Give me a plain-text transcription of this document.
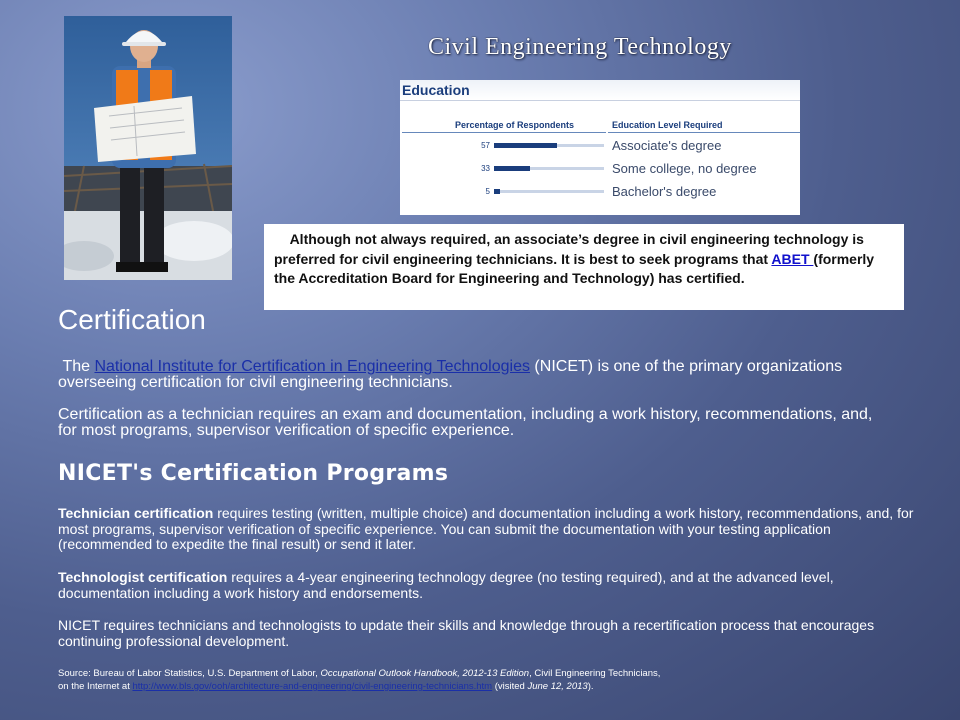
Civil Engineering Technology
Education
Percentage of Respondents	Education Level Required
57	Associate's degree
33	Some college, no degree
5	Bachelor's degree
Although not always required, an associate’s degree in civil engineering technology is preferred for civil engineering technicians. It is best to seek programs that ABET (formerly the Accreditation Board for Engineering and Technology) has certified.
Certification
The National Institute for Certification in Engineering Technologies (NICET) is one of the primary organizations overseeing certification for civil engineering technicians.
Certification as a technician requires an exam and documentation, including a work history, recommendations, and, for most programs, supervisor verification of specific experience.
NICET's Certification Programs
Technician certification requires testing (written, multiple choice) and documentation including a work history, recommendations, and, for most programs, supervisor verification of specific experience. You can submit the documentation with your testing application (recommended to expedite the final result) or send it later.
Technologist certification requires a 4-year engineering technology degree (no testing required), and at the advanced level, documentation including a work history and endorsements.
NICET requires technicians and technologists to update their skills and knowledge through a recertification process that encourages continuing professional development.
Source: Bureau of Labor Statistics, U.S. Department of Labor, Occupational Outlook Handbook, 2012-13 Edition, Civil Engineering Technicians,
on the Internet at http://www.bls.gov/ooh/architecture-and-engineering/civil-engineering-technicians.htm (visited June 12, 2013).
